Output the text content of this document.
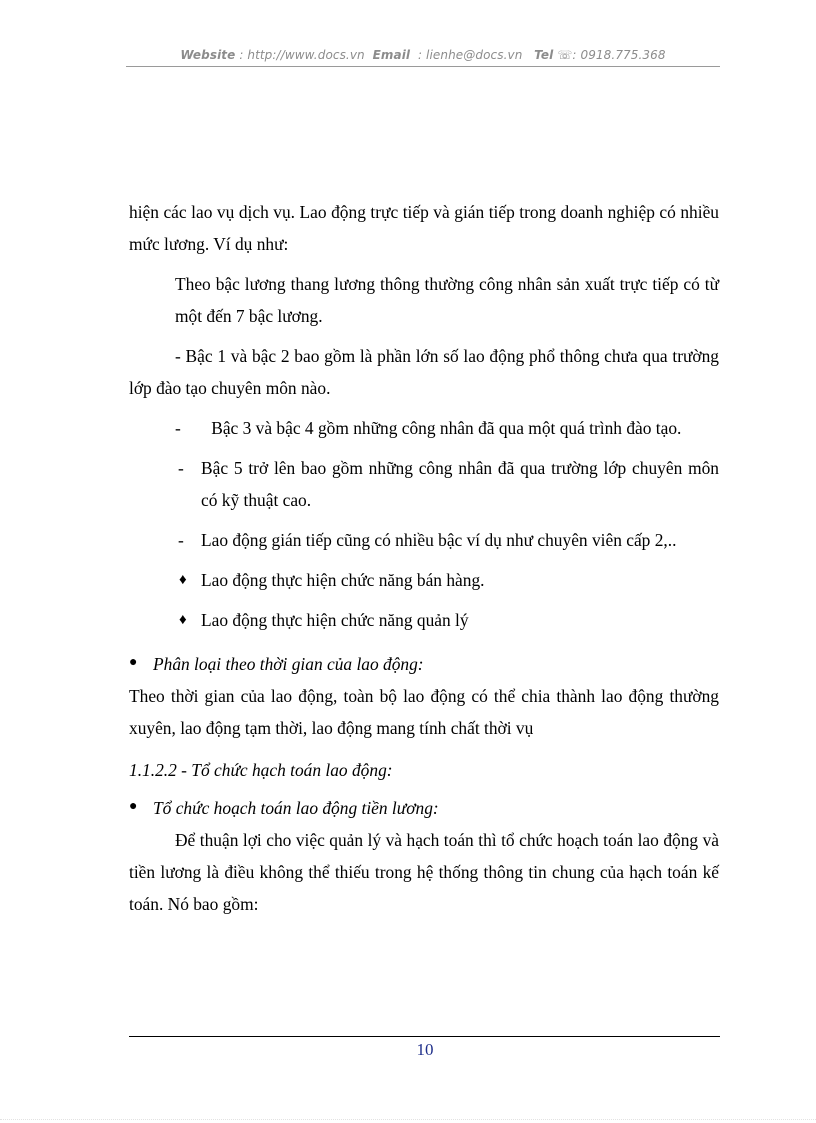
Website : http://www.docs.vn Email : lienhe@docs.vn Tel ☏: 0918.775.368

hiện các lao vụ dịch vụ. Lao động trực tiếp và gián tiếp trong doanh nghiệp có nhiều mức lương. Ví dụ như:

Theo bậc lương thang lương thông thường công nhân sản xuất trực tiếp có từ một đến 7 bậc lương.

- Bậc 1 và bậc 2 bao gồm là phần lớn số lao động phổ thông chưa qua trường lớp đào tạo chuyên môn nào.

- Bậc 3 và bậc 4 gồm những công nhân đã qua một quá trình đào tạo.

- Bậc 5 trở lên bao gồm những công nhân đã qua trường lớp chuyên môn có kỹ thuật cao.

- Lao động gián tiếp cũng có nhiều bậc ví dụ như chuyên viên cấp 2,..

♦ Lao động thực hiện chức năng bán hàng.

♦ Lao động thực hiện chức năng quản lý

● Phân loại theo thời gian của lao động:

Theo thời gian của lao động, toàn bộ lao động có thể chia thành lao động thường xuyên, lao động tạm thời, lao động mang tính chất thời vụ

1.1.2.2 - Tổ chức hạch toán lao động:

● Tổ chức hoạch toán lao động tiền lương:

Để thuận lợi cho việc quản lý và hạch toán thì tổ chức hoạch toán lao động và tiền lương là điều không thể thiếu trong hệ thống thông tin chung của hạch toán kế toán. Nó bao gồm:

10
